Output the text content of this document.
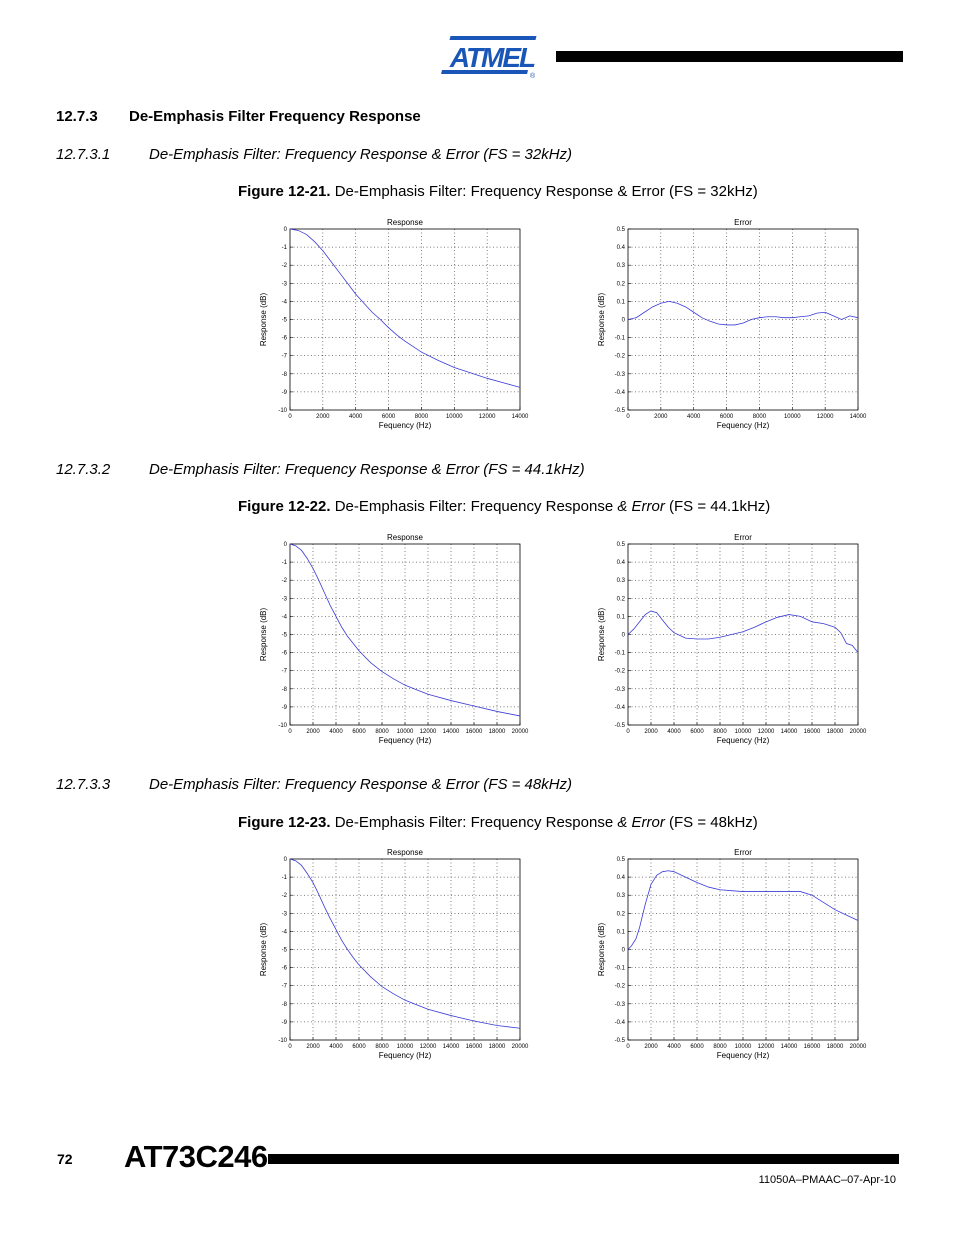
ATMEL
®
12.7.3 De-Emphasis Filter Frequency Response
12.7.3.1	De-Emphasis Filter: Frequency Response & Error (FS = 32kHz)
Figure 12-21. De-Emphasis Filter: Frequency Response & Error (FS = 32kHz)
Response
0	2000	4000	6000	8000	10000	12000	14000
0
-1
-2
-3
-4
-5
-6
-7
-8
-9
-10
Fequency (Hz)
Response (dB)
Error
0	2000	4000	6000	8000	10000	12000	14000
0.5
0.4
0.3
0.2
0.1
0
-0.1
-0.2
-0.3
-0.4
-0.5
Fequency (Hz)
Response (dB)
12.7.3.2	De-Emphasis Filter: Frequency Response & Error (FS = 44.1kHz)
Figure 12-22. De-Emphasis Filter: Frequency Response & Error (FS = 44.1kHz)
Response
0 2000 4000 6000 8000 10000 12000 14000 16000 18000 20000
0
-1
-2
-3
-4
-5
-6
-7
-8
-9
-10
Fequency (Hz)
Response (dB)
Error
0 2000 4000 6000 8000 10000 12000 14000 16000 18000 20000
0.5
0.4
0.3
0.2
0.1
0
-0.1
-0.2
-0.3
-0.4
-0.5
Fequency (Hz)
Response (dB)
12.7.3.3	De-Emphasis Filter: Frequency Response & Error (FS = 48kHz)
Figure 12-23. De-Emphasis Filter: Frequency Response & Error (FS = 48kHz)
Response
0 2000 4000 6000 8000 10000 12000 14000 16000 18000 20000
0
-1
-2
-3
-4
-5
-6
-7
-8
-9
-10
Fequency (Hz)
Response (dB)
Error
0 2000 4000 6000 8000 10000 12000 14000 16000 18000 20000
0.5
0.4
0.3
0.2
0.1
0
-0.1
-0.2
-0.3
-0.4
-0.5
Fequency (Hz)
Response (dB)
72 AT73C246
11050A–PMAAC–07-Apr-10
